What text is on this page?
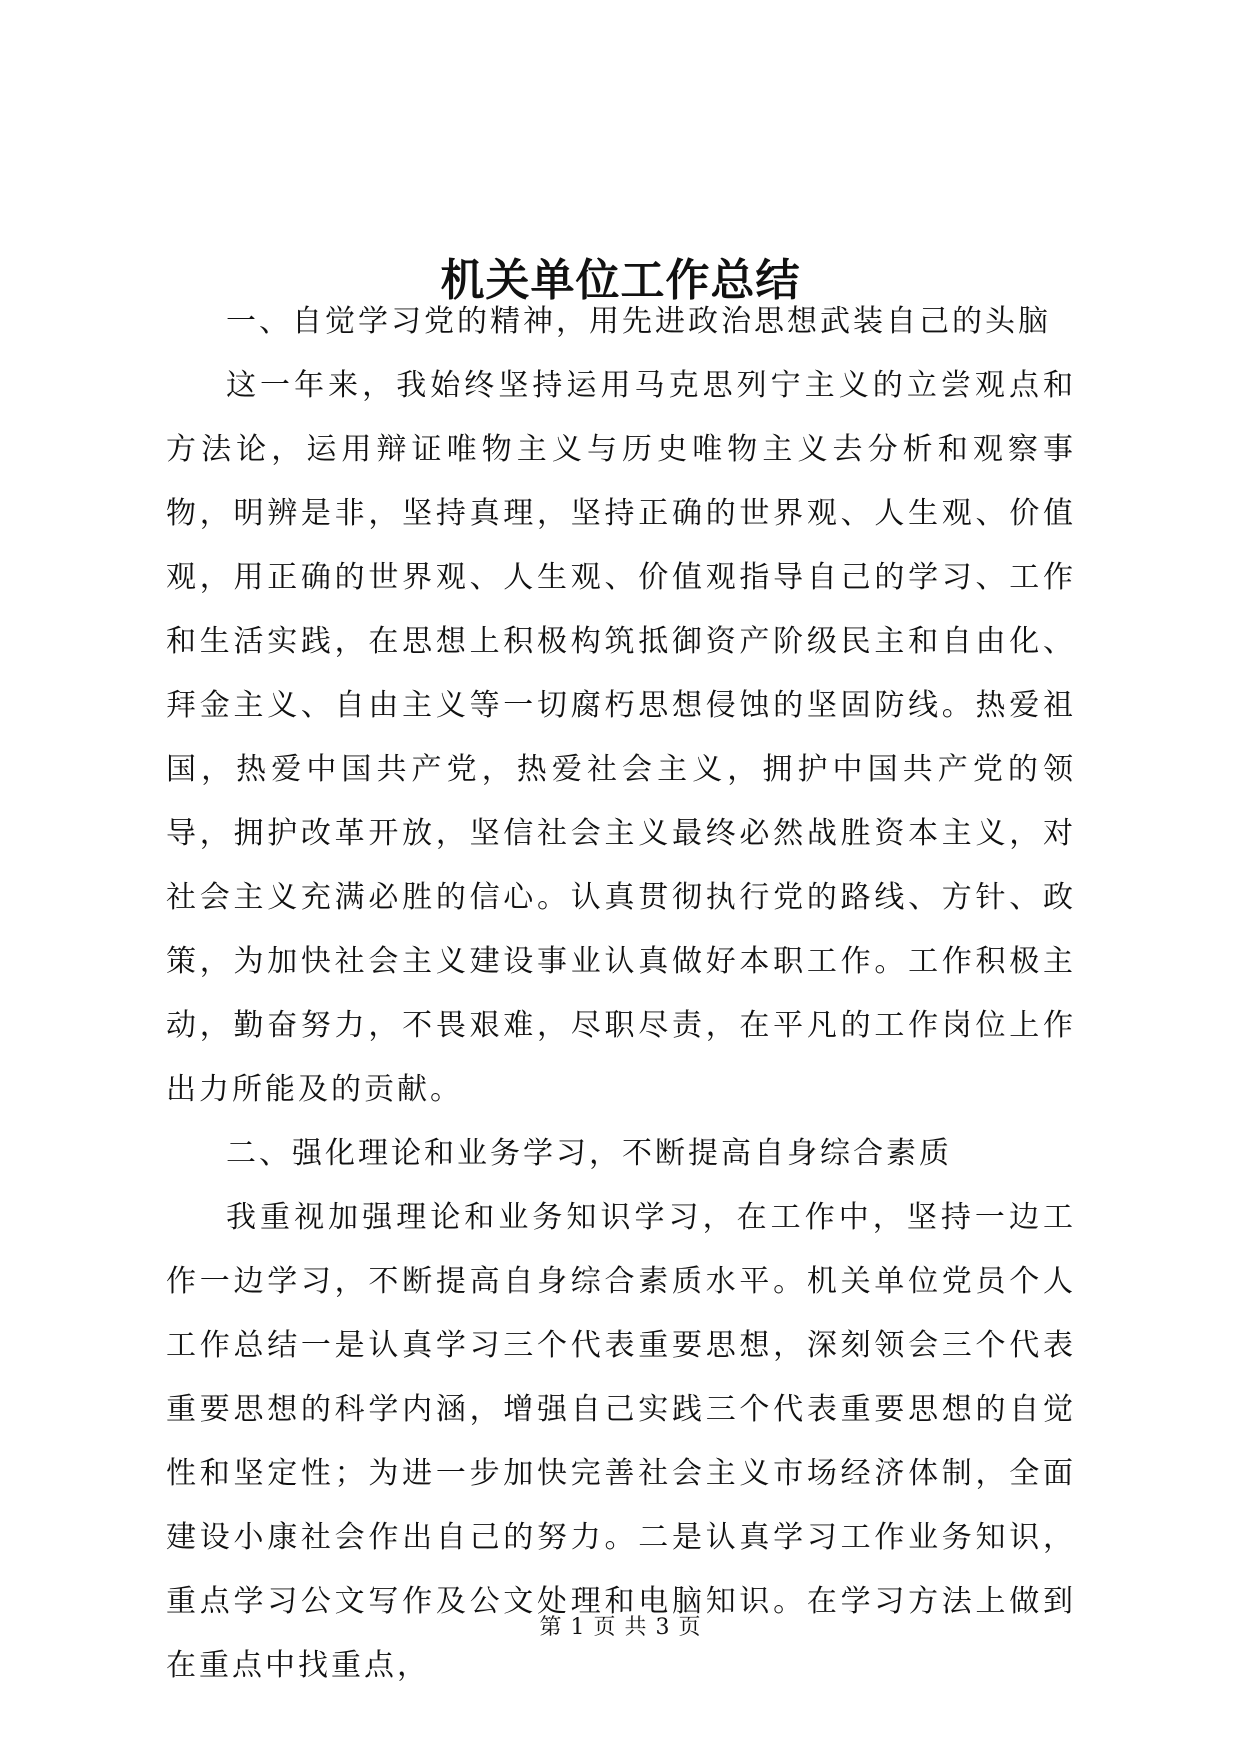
机关单位工作总结

一、自觉学习党的精神，用先进政治思想武装自己的头脑

这一年来，我始终坚持运用马克思列宁主义的立尝观点和方法论，运用辩证唯物主义与历史唯物主义去分析和观察事物，明辨是非，坚持真理，坚持正确的世界观、人生观、价值观，用正确的世界观、人生观、价值观指导自己的学习、工作和生活实践，在思想上积极构筑抵御资产阶级民主和自由化、拜金主义、自由主义等一切腐朽思想侵蚀的坚固防线。热爱祖国，热爱中国共产党，热爱社会主义，拥护中国共产党的领导，拥护改革开放，坚信社会主义最终必然战胜资本主义，对社会主义充满必胜的信心。认真贯彻执行党的路线、方针、政策，为加快社会主义建设事业认真做好本职工作。工作积极主动，勤奋努力，不畏艰难，尽职尽责，在平凡的工作岗位上作出力所能及的贡献。

二、强化理论和业务学习，不断提高自身综合素质

我重视加强理论和业务知识学习，在工作中，坚持一边工作一边学习，不断提高自身综合素质水平。机关单位党员个人工作总结一是认真学习三个代表重要思想，深刻领会三个代表重要思想的科学内涵，增强自己实践三个代表重要思想的自觉性和坚定性；为进一步加快完善社会主义市场经济体制，全面建设小康社会作出自己的努力。二是认真学习工作业务知识，重点学习公文写作及公文处理和电脑知识。在学习方法上做到在重点中找重点，

第 1 页 共 3 页
